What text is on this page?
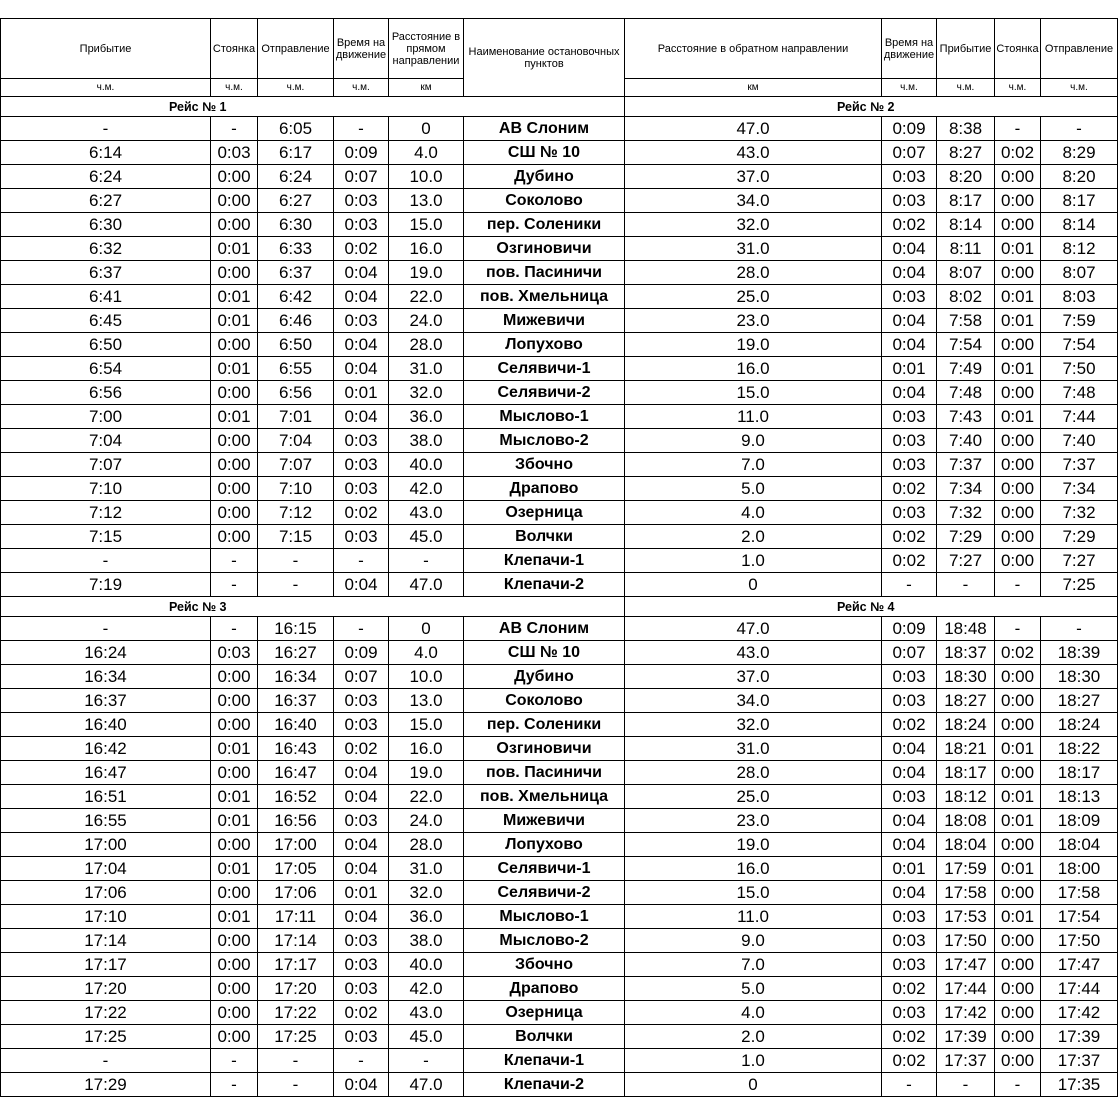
Прибытие	Стоянка	Отправление	Время на движение	Расстояние в прямом направлении	Наименование остановочных пунктов	Расстояние в обратном направлении	Время на движение	Прибытие	Стоянка	Отправление
ч.м.	ч.м.	ч.м.	ч.м.	км		км	ч.м.	ч.м.	ч.м.	ч.м.
Рейс № 1						Рейс № 2				
-	-	6:05	-	0	АВ Слоним	47.0	0:09	8:38	-	-
6:14	0:03	6:17	0:09	4.0	СШ № 10	43.0	0:07	8:27	0:02	8:29
6:24	0:00	6:24	0:07	10.0	Дубино	37.0	0:03	8:20	0:00	8:20
6:27	0:00	6:27	0:03	13.0	Соколово	34.0	0:03	8:17	0:00	8:17
6:30	0:00	6:30	0:03	15.0	пер. Соленики	32.0	0:02	8:14	0:00	8:14
6:32	0:01	6:33	0:02	16.0	Озгиновичи	31.0	0:04	8:11	0:01	8:12
6:37	0:00	6:37	0:04	19.0	пов. Пасиничи	28.0	0:04	8:07	0:00	8:07
6:41	0:01	6:42	0:04	22.0	пов. Хмельница	25.0	0:03	8:02	0:01	8:03
6:45	0:01	6:46	0:03	24.0	Мижевичи	23.0	0:04	7:58	0:01	7:59
6:50	0:00	6:50	0:04	28.0	Лопухово	19.0	0:04	7:54	0:00	7:54
6:54	0:01	6:55	0:04	31.0	Селявичи-1	16.0	0:01	7:49	0:01	7:50
6:56	0:00	6:56	0:01	32.0	Селявичи-2	15.0	0:04	7:48	0:00	7:48
7:00	0:01	7:01	0:04	36.0	Мыслово-1	11.0	0:03	7:43	0:01	7:44
7:04	0:00	7:04	0:03	38.0	Мыслово-2	9.0	0:03	7:40	0:00	7:40
7:07	0:00	7:07	0:03	40.0	Збочно	7.0	0:03	7:37	0:00	7:37
7:10	0:00	7:10	0:03	42.0	Драпово	5.0	0:02	7:34	0:00	7:34
7:12	0:00	7:12	0:02	43.0	Озерница	4.0	0:03	7:32	0:00	7:32
7:15	0:00	7:15	0:03	45.0	Волчки	2.0	0:02	7:29	0:00	7:29
-	-	-	-	-	Клепачи-1	1.0	0:02	7:27	0:00	7:27
7:19	-	-	0:04	47.0	Клепачи-2	0	-	-	-	7:25
Рейс № 3						Рейс № 4				
-	-	16:15	-	0	АВ Слоним	47.0	0:09	18:48	-	-
16:24	0:03	16:27	0:09	4.0	СШ № 10	43.0	0:07	18:37	0:02	18:39
16:34	0:00	16:34	0:07	10.0	Дубино	37.0	0:03	18:30	0:00	18:30
16:37	0:00	16:37	0:03	13.0	Соколово	34.0	0:03	18:27	0:00	18:27
16:40	0:00	16:40	0:03	15.0	пер. Соленики	32.0	0:02	18:24	0:00	18:24
16:42	0:01	16:43	0:02	16.0	Озгиновичи	31.0	0:04	18:21	0:01	18:22
16:47	0:00	16:47	0:04	19.0	пов. Пасиничи	28.0	0:04	18:17	0:00	18:17
16:51	0:01	16:52	0:04	22.0	пов. Хмельница	25.0	0:03	18:12	0:01	18:13
16:55	0:01	16:56	0:03	24.0	Мижевичи	23.0	0:04	18:08	0:01	18:09
17:00	0:00	17:00	0:04	28.0	Лопухово	19.0	0:04	18:04	0:00	18:04
17:04	0:01	17:05	0:04	31.0	Селявичи-1	16.0	0:01	17:59	0:01	18:00
17:06	0:00	17:06	0:01	32.0	Селявичи-2	15.0	0:04	17:58	0:00	17:58
17:10	0:01	17:11	0:04	36.0	Мыслово-1	11.0	0:03	17:53	0:01	17:54
17:14	0:00	17:14	0:03	38.0	Мыслово-2	9.0	0:03	17:50	0:00	17:50
17:17	0:00	17:17	0:03	40.0	Збочно	7.0	0:03	17:47	0:00	17:47
17:20	0:00	17:20	0:03	42.0	Драпово	5.0	0:02	17:44	0:00	17:44
17:22	0:00	17:22	0:02	43.0	Озерница	4.0	0:03	17:42	0:00	17:42
17:25	0:00	17:25	0:03	45.0	Волчки	2.0	0:02	17:39	0:00	17:39
-	-	-	-	-	Клепачи-1	1.0	0:02	17:37	0:00	17:37
17:29	-	-	0:04	47.0	Клепачи-2	0	-	-	-	17:35
